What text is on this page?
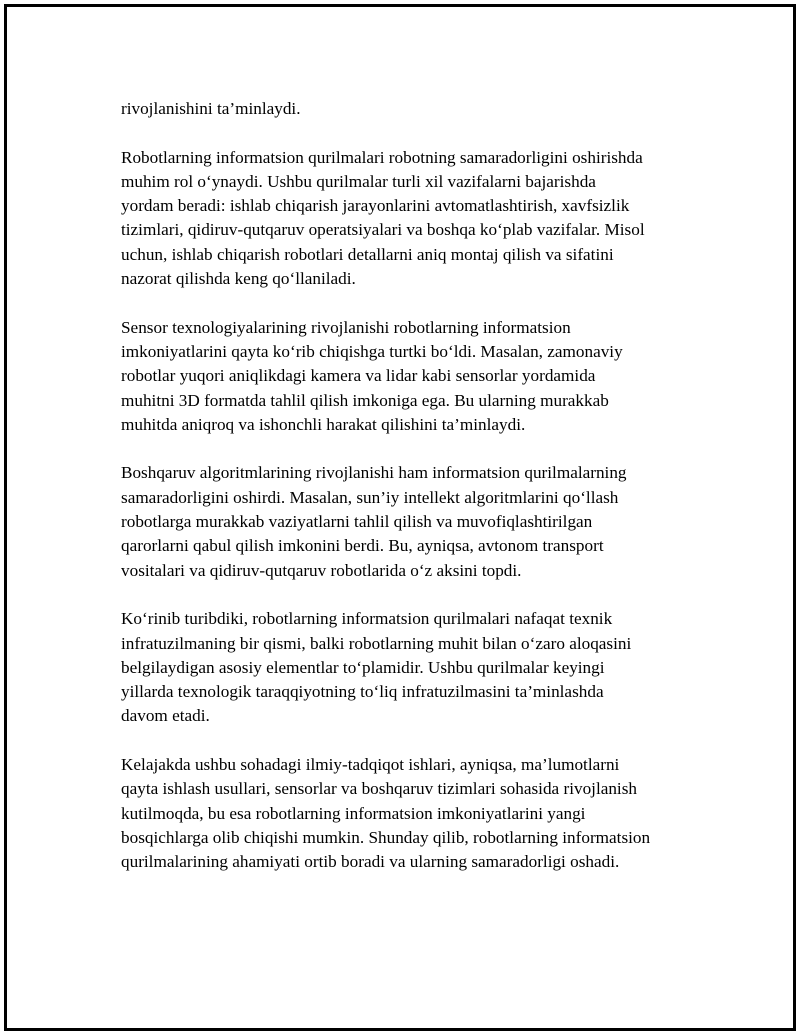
rivojlanishini ta’minlaydi.

Robotlarning informatsion qurilmalari robotning samaradorligini oshirishda
muhim rol o‘ynaydi. Ushbu qurilmalar turli xil vazifalarni bajarishda
yordam beradi: ishlab chiqarish jarayonlarini avtomatlashtirish, xavfsizlik
tizimlari, qidiruv-qutqaruv operatsiyalari va boshqa ko‘plab vazifalar. Misol
uchun, ishlab chiqarish robotlari detallarni aniq montaj qilish va sifatini
nazorat qilishda keng qo‘llaniladi.

Sensor texnologiyalarining rivojlanishi robotlarning informatsion
imkoniyatlarini qayta ko‘rib chiqishga turtki bo‘ldi. Masalan, zamonaviy
robotlar yuqori aniqlikdagi kamera va lidar kabi sensorlar yordamida
muhitni 3D formatda tahlil qilish imkoniga ega. Bu ularning murakkab
muhitda aniqroq va ishonchli harakat qilishini ta’minlaydi.

Boshqaruv algoritmlarining rivojlanishi ham informatsion qurilmalarning
samaradorligini oshirdi. Masalan, sun’iy intellekt algoritmlarini qo‘llash
robotlarga murakkab vaziyatlarni tahlil qilish va muvofiqlashtirilgan
qarorlarni qabul qilish imkonini berdi. Bu, ayniqsa, avtonom transport
vositalari va qidiruv-qutqaruv robotlarida o‘z aksini topdi.

Ko‘rinib turibdiki, robotlarning informatsion qurilmalari nafaqat texnik
infratuzilmaning bir qismi, balki robotlarning muhit bilan o‘zaro aloqasini
belgilaydigan asosiy elementlar to‘plamidir. Ushbu qurilmalar keyingi
yillarda texnologik taraqqiyotning to‘liq infratuzilmasini ta’minlashda
davom etadi.

Kelajakda ushbu sohadagi ilmiy-tadqiqot ishlari, ayniqsa, ma’lumotlarni
qayta ishlash usullari, sensorlar va boshqaruv tizimlari sohasida rivojlanish
kutilmoqda, bu esa robotlarning informatsion imkoniyatlarini yangi
bosqichlarga olib chiqishi mumkin. Shunday qilib, robotlarning informatsion
qurilmalarining ahamiyati ortib boradi va ularning samaradorligi oshadi.
